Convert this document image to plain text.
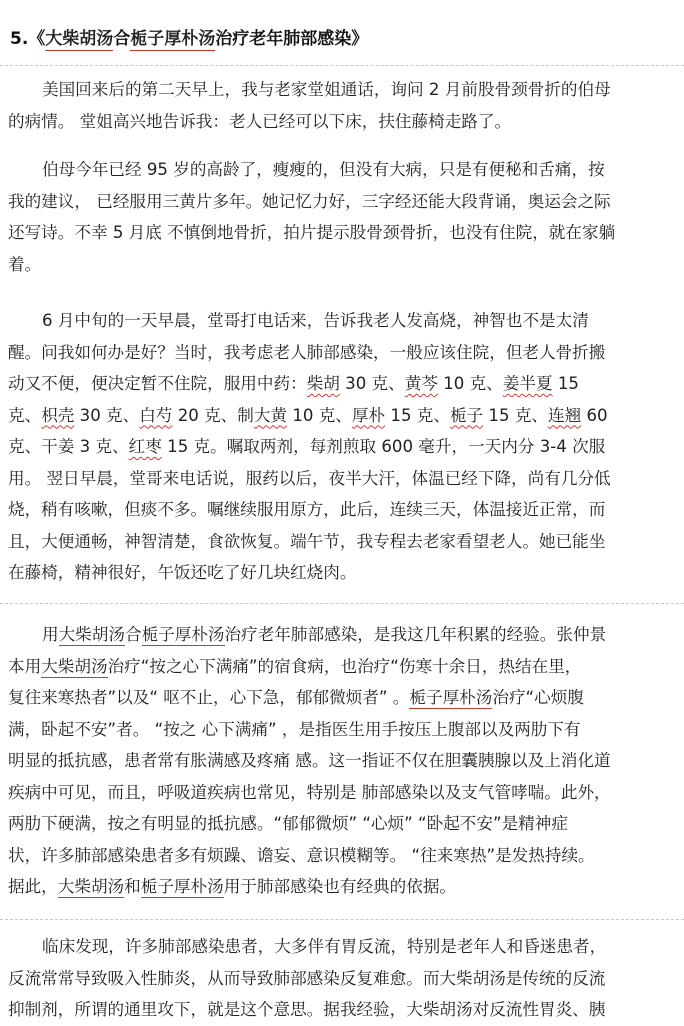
5.《大柴胡汤合栀子厚朴汤治疗老年肺部感染》
美国回来后的第二天早上，我与老家堂姐通话，询问 2 月前股骨颈骨折的伯母
的病情。 堂姐高兴地告诉我：老人已经可以下床，扶住藤椅走路了。
伯母今年已经 95 岁的高龄了，瘦瘦的，但没有大病，只是有便秘和舌痛，按
我的建议， 已经服用三黄片多年。她记忆力好，三字经还能大段背诵，奥运会之际
还写诗。不幸 5 月底 不慎倒地骨折，拍片提示股骨颈骨折，也没有住院，就在家躺
着。
6 月中旬的一天早晨，堂哥打电话来，告诉我老人发高烧，神智也不是太清
醒。问我如何办是好？当时，我考虑老人肺部感染，一般应该住院，但老人骨折搬
动又不便，便决定暂不住院，服用中药：柴胡 30 克、黄芩 10 克、姜半夏 15
克、枳壳 30 克、白芍 20 克、制大黄 10 克、厚朴 15 克、栀子 15 克、连翘 60
克、干姜 3 克、红枣 15 克。嘱取两剂，每剂煎取 600 毫升，一天内分 3-4 次服
用。 翌日早晨，堂哥来电话说，服药以后，夜半大汗，体温已经下降，尚有几分低
烧，稍有咳嗽，但痰不多。嘱继续服用原方，此后，连续三天，体温接近正常，而
且，大便通畅，神智清楚，食欲恢复。端午节，我专程去老家看望老人。她已能坐
在藤椅，精神很好，午饭还吃了好几块红烧肉。
用大柴胡汤合栀子厚朴汤治疗老年肺部感染，是我这几年积累的经验。张仲景
本用大柴胡汤治疗“按之心下满痛”的宿食病，也治疗“伤寒十余日，热结在里，
复往来寒热者”以及“ 呕不止，心下急，郁郁微烦者” 。栀子厚朴汤治疗“心烦腹
满，卧起不安”者。 “按之 心下满痛” ，是指医生用手按压上腹部以及两肋下有
明显的抵抗感，患者常有胀满感及疼痛 感。这一指证不仅在胆囊胰腺以及上消化道
疾病中可见，而且，呼吸道疾病也常见，特别是 肺部感染以及支气管哮喘。此外，
两肋下硬满，按之有明显的抵抗感。“郁郁微烦” “心烦” “卧起不安”是精神症
状，许多肺部感染患者多有烦躁、谵妄、意识模糊等。 “往来寒热”是发热持续。
据此，大柴胡汤和栀子厚朴汤用于肺部感染也有经典的依据。
临床发现，许多肺部感染患者，大多伴有胃反流，特别是老年人和昏迷患者，
反流常常导致吸入性肺炎，从而导致肺部感染反复难愈。而大柴胡汤是传统的反流
抑制剂，所谓的通里攻下，就是这个意思。据我经验，大柴胡汤对反流性胃炎、胰
